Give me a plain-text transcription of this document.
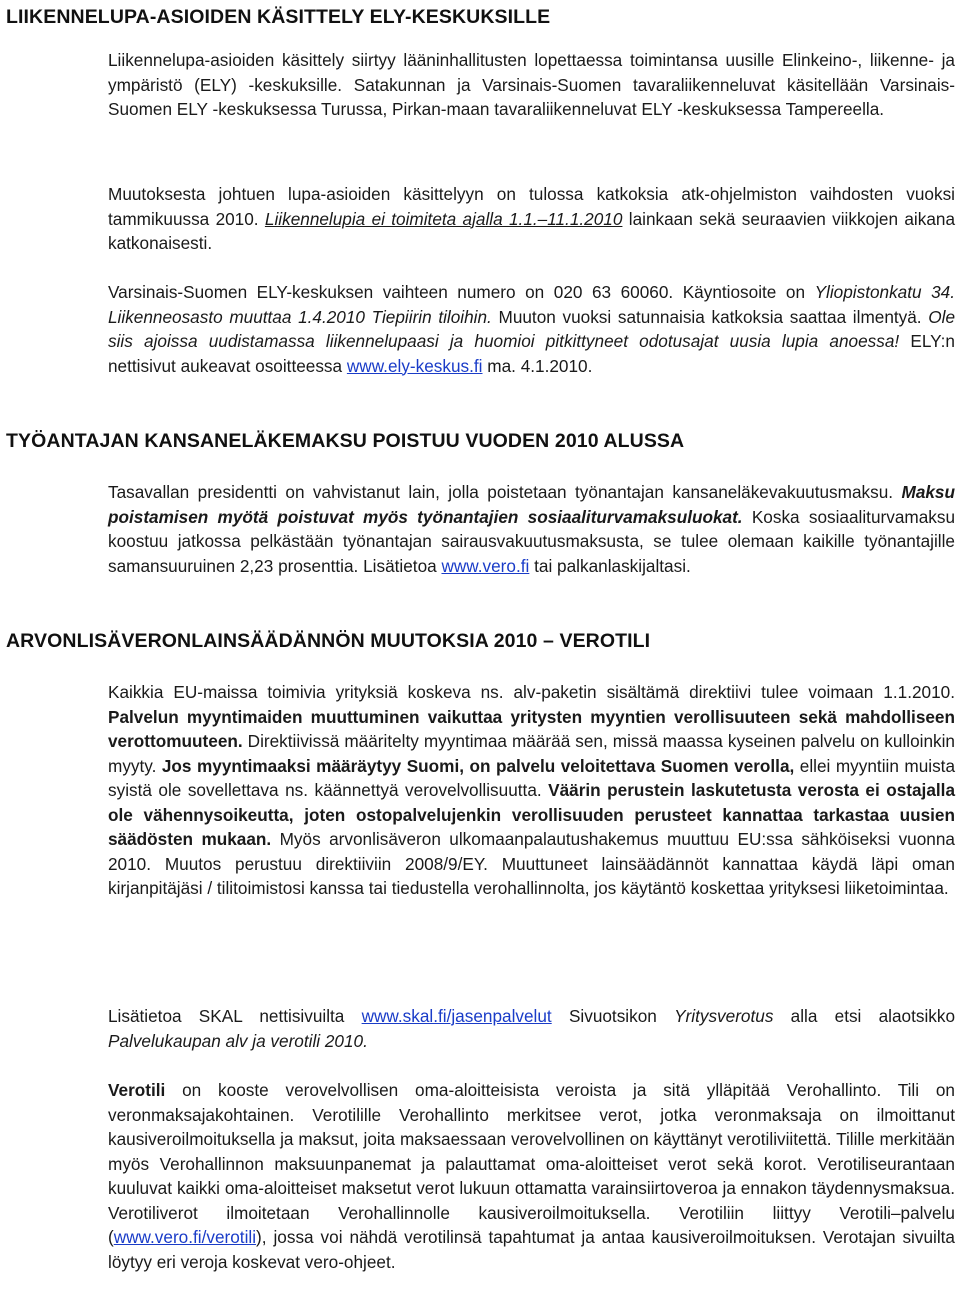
LIIKENNELUPA-ASIOIDEN KÄSITTELY ELY-KESKUKSILLE

Liikennelupa-asioiden käsittely siirtyy lääninhallitusten lopettaessa toimintansa uusille Elinkeino-, liikenne- ja ympäristö (ELY) -keskuksille. Satakunnan ja Varsinais-Suomen tavaraliikenneluvat käsitellään Varsinais-Suomen ELY -keskuksessa Turussa, Pirkan-maan tavaraliikenneluvat ELY -keskuksessa Tampereella.

Muutoksesta johtuen lupa-asioiden käsittelyyn on tulossa katkoksia atk-ohjelmiston vaihdosten vuoksi tammikuussa 2010. Liikennelupia ei toimiteta ajalla 1.1.–11.1.2010 lainkaan sekä seuraavien viikkojen aikana katkonaisesti.

Varsinais-Suomen ELY-keskuksen vaihteen numero on 020 63 60060. Käyntiosoite on Yliopistonkatu 34. Liikenneosasto muuttaa 1.4.2010 Tiepiirin tiloihin. Muuton vuoksi satunnaisia katkoksia saattaa ilmentyä. Ole siis ajoissa uudistamassa liikennelupaasi ja huomioi pitkittyneet odotusajat uusia lupia anoessa! ELY:n nettisivut aukeavat osoitteessa www.ely-keskus.fi ma. 4.1.2010.

TYÖANTAJAN KANSANELÄKEMAKSU POISTUU VUODEN 2010 ALUSSA

Tasavallan presidentti on vahvistanut lain, jolla poistetaan työnantajan kansaneläkevakuutusmaksu. Maksu poistamisen myötä poistuvat myös työnantajien sosiaaliturvamaksuluokat. Koska sosiaaliturvamaksu koostuu jatkossa pelkästään työnantajan sairausvakuutusmaksusta, se tulee olemaan kaikille työnantajille samansuuruinen 2,23 prosenttia. Lisätietoa www.vero.fi tai palkanlaskijaltasi.

ARVONLISÄVERONLAINSÄÄDÄNNÖN MUUTOKSIA 2010 – VEROTILI

Kaikkia EU-maissa toimivia yrityksiä koskeva ns. alv-paketin sisältämä direktiivi tulee voimaan 1.1.2010. Palvelun myyntimaiden muuttuminen vaikuttaa yritysten myyntien verollisuuteen sekä mahdolliseen verottomuuteen. Direktiivissä määritelty myyntimaa määrää sen, missä maassa kyseinen palvelu on kulloinkin myyty. Jos myyntimaaksi määräytyy Suomi, on palvelu veloitettava Suomen verolla, ellei myyntiin muista syistä ole sovellettava ns. käännettyä verovelvollisuutta. Väärin perustein laskutetusta verosta ei ostajalla ole vähennysoikeutta, joten ostopalvelujenkin verollisuuden perusteet kannattaa tarkastaa uusien säädösten mukaan. Myös arvonlisäveron ulkomaanpalautushakemus muuttuu EU:ssa sähköiseksi vuonna 2010. Muutos perustuu direktiiviin 2008/9/EY. Muuttuneet lainsäädännöt kannattaa käydä läpi oman kirjanpitäjäsi / tilitoimistosi kanssa tai tiedustella verohallinnolta, jos käytäntö koskettaa yrityksesi liiketoimintaa.

Lisätietoa SKAL nettisivuilta www.skal.fi/jasenpalvelut Sivuotsikon Yritysverotus alla etsi alaotsikko Palvelukaupan alv ja verotili 2010.

Verotili on kooste verovelvollisen oma-aloitteisista veroista ja sitä ylläpitää Verohallinto. Tili on veronmaksajakohtainen. Verotilille Verohallinto merkitsee verot, jotka veronmaksaja on ilmoittanut kausiveroilmoituksella ja maksut, joita maksaessaan verovelvollinen on käyttänyt verotiliviitettä. Tilille merkitään myös Verohallinnon maksuunpanemat ja palauttamat oma-aloitteiset verot sekä korot. Verotiliseurantaan kuuluvat kaikki oma-aloitteiset maksetut verot lukuun ottamatta varainsiirtoveroa ja ennakon täydennysmaksua. Verotiliverot ilmoitetaan Verohallinnolle kausiveroilmoituksella. Verotiliin liittyy Verotili–palvelu (www.vero.fi/verotili), jossa voi nähdä verotilinsä tapahtumat ja antaa kausiveroilmoituksen. Verotajan sivuilta löytyy eri veroja koskevat vero-ohjeet.
